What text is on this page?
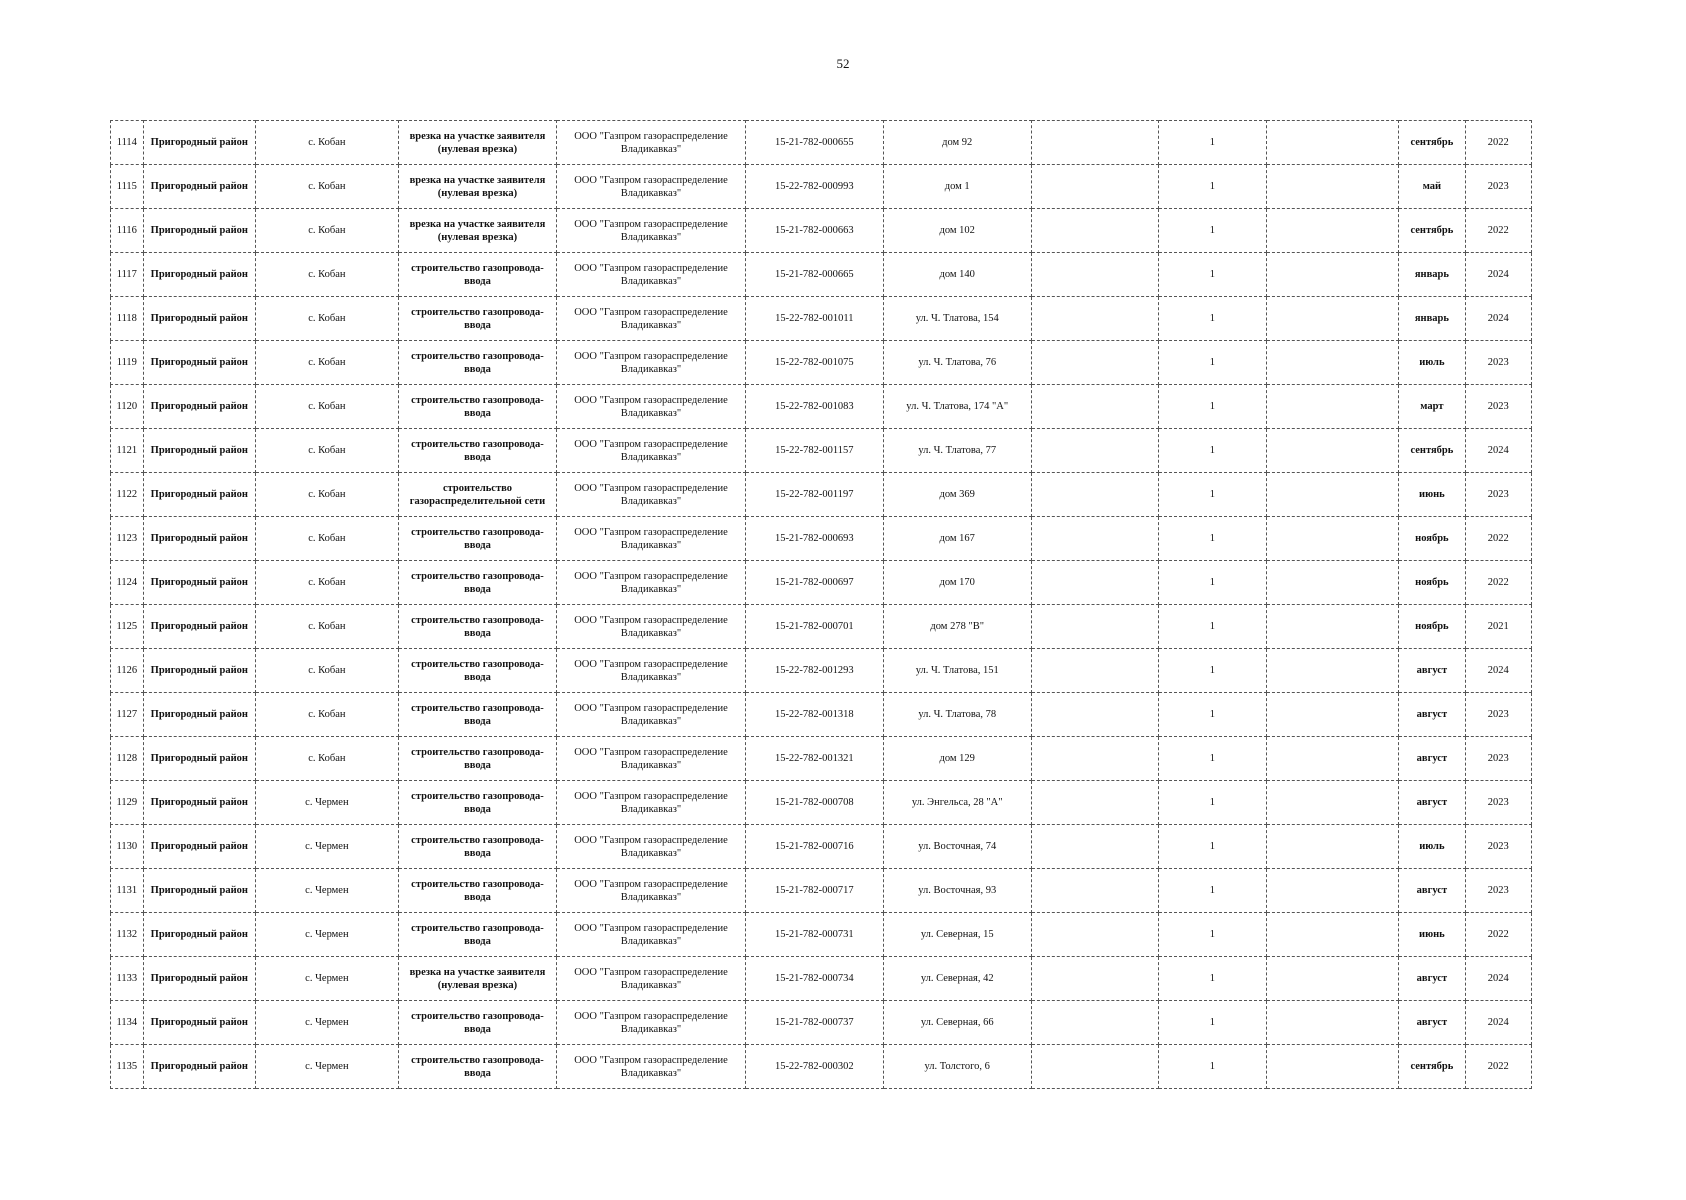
52
1114	Пригородный район	с. Кобан	врезка на участке заявителя (нулевая врезка)	ООО "Газпром газораспределение Владикавказ"	15-21-782-000655	дом 92		1		сентябрь	2022
1115	Пригородный район	с. Кобан	врезка на участке заявителя (нулевая врезка)	ООО "Газпром газораспределение Владикавказ"	15-22-782-000993	дом 1		1		май	2023
1116	Пригородный район	с. Кобан	врезка на участке заявителя (нулевая врезка)	ООО "Газпром газораспределение Владикавказ"	15-21-782-000663	дом 102		1		сентябрь	2022
1117	Пригородный район	с. Кобан	строительство газопровода-ввода	ООО "Газпром газораспределение Владикавказ"	15-21-782-000665	дом 140		1		январь	2024
1118	Пригородный район	с. Кобан	строительство газопровода-ввода	ООО "Газпром газораспределение Владикавказ"	15-22-782-001011	ул. Ч. Тлатова, 154		1		январь	2024
1119	Пригородный район	с. Кобан	строительство газопровода-ввода	ООО "Газпром газораспределение Владикавказ"	15-22-782-001075	ул. Ч. Тлатова, 76		1		июль	2023
1120	Пригородный район	с. Кобан	строительство газопровода-ввода	ООО "Газпром газораспределение Владикавказ"	15-22-782-001083	ул. Ч. Тлатова, 174 "А"		1		март	2023
1121	Пригородный район	с. Кобан	строительство газопровода-ввода	ООО "Газпром газораспределение Владикавказ"	15-22-782-001157	ул. Ч. Тлатова, 77		1		сентябрь	2024
1122	Пригородный район	с. Кобан	строительство газораспределительной сети	ООО "Газпром газораспределение Владикавказ"	15-22-782-001197	дом 369		1		июнь	2023
1123	Пригородный район	с. Кобан	строительство газопровода-ввода	ООО "Газпром газораспределение Владикавказ"	15-21-782-000693	дом 167		1		ноябрь	2022
1124	Пригородный район	с. Кобан	строительство газопровода-ввода	ООО "Газпром газораспределение Владикавказ"	15-21-782-000697	дом 170		1		ноябрь	2022
1125	Пригородный район	с. Кобан	строительство газопровода-ввода	ООО "Газпром газораспределение Владикавказ"	15-21-782-000701	дом 278 "В"		1		ноябрь	2021
1126	Пригородный район	с. Кобан	строительство газопровода-ввода	ООО "Газпром газораспределение Владикавказ"	15-22-782-001293	ул. Ч. Тлатова, 151		1		август	2024
1127	Пригородный район	с. Кобан	строительство газопровода-ввода	ООО "Газпром газораспределение Владикавказ"	15-22-782-001318	ул. Ч. Тлатова, 78		1		август	2023
1128	Пригородный район	с. Кобан	строительство газопровода-ввода	ООО "Газпром газораспределение Владикавказ"	15-22-782-001321	дом 129		1		август	2023
1129	Пригородный район	с. Чермен	строительство газопровода-ввода	ООО "Газпром газораспределение Владикавказ"	15-21-782-000708	ул. Энгельса, 28 "А"		1		август	2023
1130	Пригородный район	с. Чермен	строительство газопровода-ввода	ООО "Газпром газораспределение Владикавказ"	15-21-782-000716	ул. Восточная, 74		1		июль	2023
1131	Пригородный район	с. Чермен	строительство газопровода-ввода	ООО "Газпром газораспределение Владикавказ"	15-21-782-000717	ул. Восточная, 93		1		август	2023
1132	Пригородный район	с. Чермен	строительство газопровода-ввода	ООО "Газпром газораспределение Владикавказ"	15-21-782-000731	ул. Северная, 15		1		июнь	2022
1133	Пригородный район	с. Чермен	врезка на участке заявителя (нулевая врезка)	ООО "Газпром газораспределение Владикавказ"	15-21-782-000734	ул. Северная, 42		1		август	2024
1134	Пригородный район	с. Чермен	строительство газопровода-ввода	ООО "Газпром газораспределение Владикавказ"	15-21-782-000737	ул. Северная, 66		1		август	2024
1135	Пригородный район	с. Чермен	строительство газопровода-ввода	ООО "Газпром газораспределение Владикавказ"	15-22-782-000302	ул. Толстого, 6		1		сентябрь	2022
